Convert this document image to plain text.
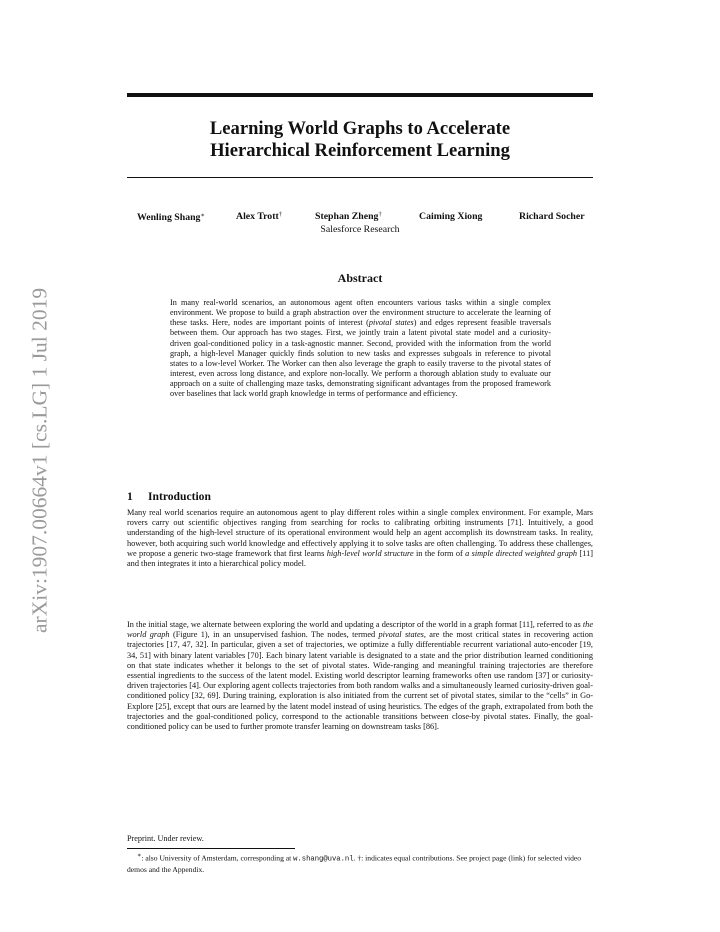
arXiv:1907.00664v1 [cs.LG] 1 Jul 2019
Learning World Graphs to Accelerate
Hierarchical Reinforcement Learning
Wenling Shang∗	Alex Trott†	Stephan Zheng†	Caiming Xiong	Richard Socher
Salesforce Research
Abstract
In many real-world scenarios, an autonomous agent often encounters various tasks within a single complex environment. We propose to build a graph abstraction over the environment structure to accelerate the learning of these tasks. Here, nodes are important points of interest (pivotal states) and edges represent feasible traversals between them. Our approach has two stages. First, we jointly train a latent pivotal state model and a curiosity-driven goal-conditioned policy in a task-agnostic manner. Second, provided with the information from the world graph, a high-level Manager quickly finds solution to new tasks and expresses subgoals in reference to pivotal states to a low-level Worker. The Worker can then also leverage the graph to easily traverse to the pivotal states of interest, even across long distance, and explore non-locally. We perform a thorough ablation study to evaluate our approach on a suite of challenging maze tasks, demonstrating significant advantages from the proposed framework over baselines that lack world graph knowledge in terms of performance and efficiency.
1 Introduction
Many real world scenarios require an autonomous agent to play different roles within a single complex environment. For example, Mars rovers carry out scientific objectives ranging from searching for rocks to calibrating orbiting instruments [71]. Intuitively, a good understanding of the high-level structure of its operational environment would help an agent accomplish its downstream tasks. In reality, however, both acquiring such world knowledge and effectively applying it to solve tasks are often challenging. To address these challenges, we propose a generic two-stage framework that first learns high-level world structure in the form of a simple directed weighted graph [11] and then integrates it into a hierarchical policy model.
In the initial stage, we alternate between exploring the world and updating a descriptor of the world in a graph format [11], referred to as the world graph (Figure 1), in an unsupervised fashion. The nodes, termed pivotal states, are the most critical states in recovering action trajectories [17, 47, 32]. In particular, given a set of trajectories, we optimize a fully differentiable recurrent variational auto-encoder [19, 34, 51] with binary latent variables [70]. Each binary latent variable is designated to a state and the prior distribution learned conditioning on that state indicates whether it belongs to the set of pivotal states. Wide-ranging and meaningful training trajectories are therefore essential ingredients to the success of the latent model. Existing world descriptor learning frameworks often use random [37] or curiosity-driven trajectories [4]. Our exploring agent collects trajectories from both random walks and a simultaneously learned curiosity-driven goal-conditioned policy [32, 69]. During training, exploration is also initiated from the current set of pivotal states, similar to the “cells” in Go-Explore [25], except that ours are learned by the latent model instead of using heuristics. The edges of the graph, extrapolated from both the trajectories and the goal-conditioned policy, correspond to the actionable transitions between close-by pivotal states. Finally, the goal-conditioned policy can be used to further promote transfer learning on downstream tasks [86].
Preprint. Under review.
∗: also University of Amsterdam, corresponding at w.shang@uva.nl. †: indicates equal contributions. See project page (link) for selected video demos and the Appendix.
